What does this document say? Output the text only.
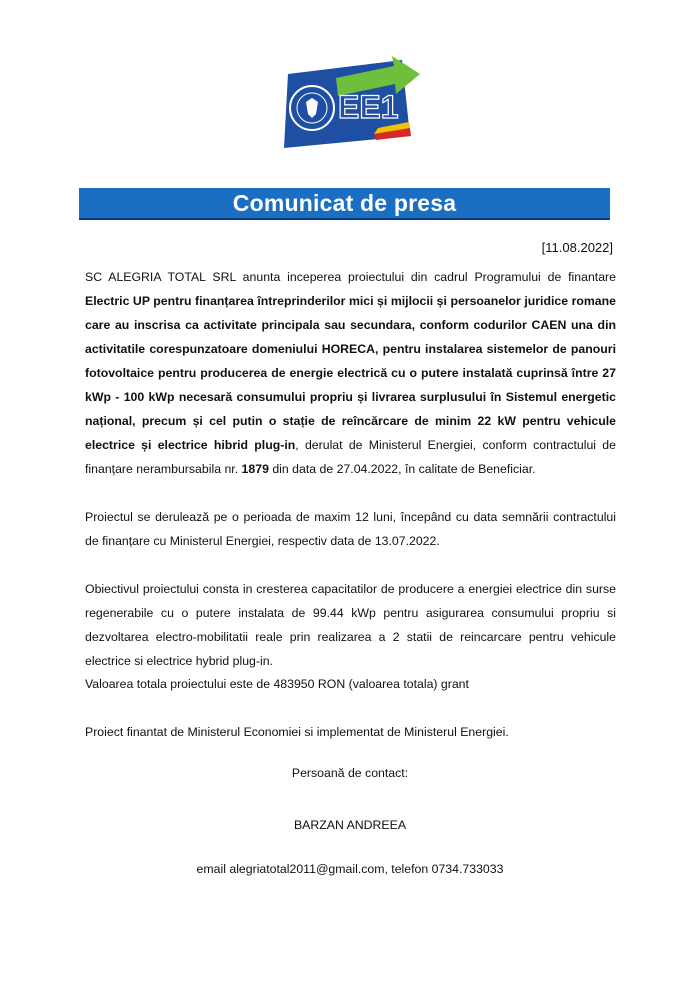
EE1
Comunicat de presa
[11.08.2022]

SC ALEGRIA TOTAL SRL anunta inceperea proiectului din cadrul Programului de finantare Electric UP pentru finanțarea întreprinderilor mici și mijlocii și persoanelor juridice romane care au inscrisa ca activitate principala sau secundara, conform codurilor CAEN una din activitatile corespunzatoare domeniului HORECA, pentru instalarea sistemelor de panouri fotovoltaice pentru producerea de energie electrică cu o putere instalată cuprinsă între 27 kWp - 100 kWp necesară consumului propriu și livrarea surplusului în Sistemul energetic național, precum și cel putin o stație de reîncărcare de minim 22 kW pentru vehicule electrice și electrice hibrid plug-in, derulat de Ministerul Energiei, conform contractului de finanțare nerambursabila nr. 1879 din data de 27.04.2022, în calitate de Beneficiar.

Proiectul se derulează pe o perioada de maxim 12 luni, începând cu data semnării contractului de finanțare cu Ministerul Energiei, respectiv data de 13.07.2022.

Obiectivul proiectului consta in cresterea capacitatilor de producere a energiei electrice din surse regenerabile cu o putere instalata de 99.44 kWp pentru asigurarea consumului propriu si dezvoltarea electro-mobilitatii reale prin realizarea a 2 statii de reincarcare pentru vehicule electrice si electrice hybrid plug-in.

Valoarea totala proiectului este de 483950 RON (valoarea totala) grant

Proiect finantat de Ministerul Economiei si implementat de Ministerul Energiei.

Persoană de contact:
BARZAN ANDREEA
email alegriatotal2011@gmail.com, telefon 0734.733033
